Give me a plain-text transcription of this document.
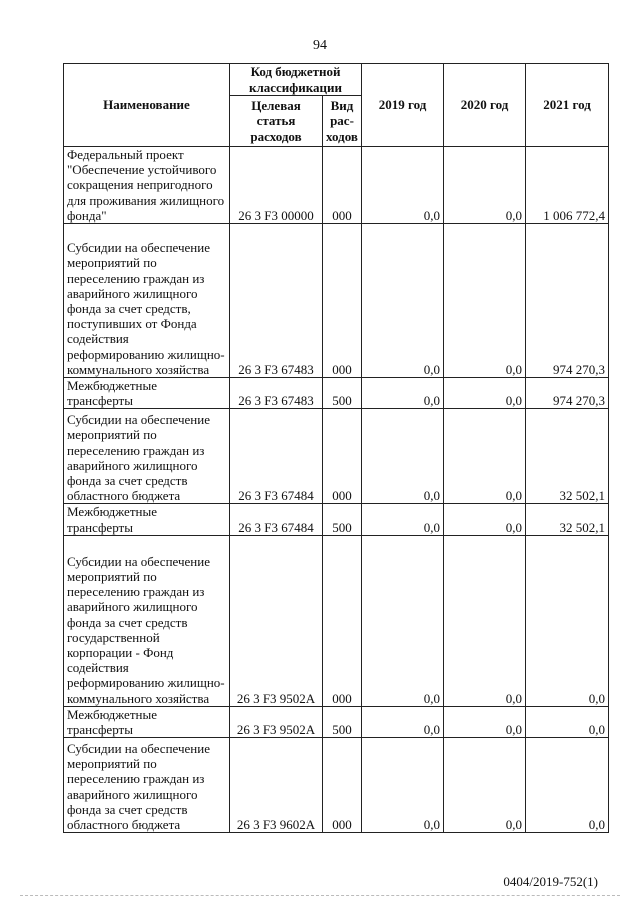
94
Наименование	Код бюджетной классификации		2019 год	2020 год	2021 год
	Целевая статья расходов	Вид рас-ходов			
Федеральный проект "Обеспечение устойчивого сокращения непригодного для проживания жилищного фонда"	26 3 F3 00000	000	0,0	0,0	1 006 772,4
Субсидии на обеспечение мероприятий по переселению граждан из аварийного жилищного фонда за счет средств, поступивших от Фонда содействия реформированию жилищно-коммунального хозяйства	26 3 F3 67483	000	0,0	0,0	974 270,3
Межбюджетные трансферты	26 3 F3 67483	500	0,0	0,0	974 270,3
Субсидии на обеспечение мероприятий по переселению граждан из аварийного жилищного фонда за счет средств областного бюджета	26 3 F3 67484	000	0,0	0,0	32 502,1
Межбюджетные трансферты	26 3 F3 67484	500	0,0	0,0	32 502,1
Субсидии на обеспечение мероприятий по переселению граждан из аварийного жилищного фонда за счет средств государственной корпорации - Фонд содействия реформированию жилищно-коммунального хозяйства	26 3 F3 9502A	000	0,0	0,0	0,0
Межбюджетные трансферты	26 3 F3 9502A	500	0,0	0,0	0,0
Субсидии на обеспечение мероприятий по переселению граждан из аварийного жилищного фонда за счет средств областного бюджета	26 3 F3 9602A	000	0,0	0,0	0,0
0404/2019-752(1)
